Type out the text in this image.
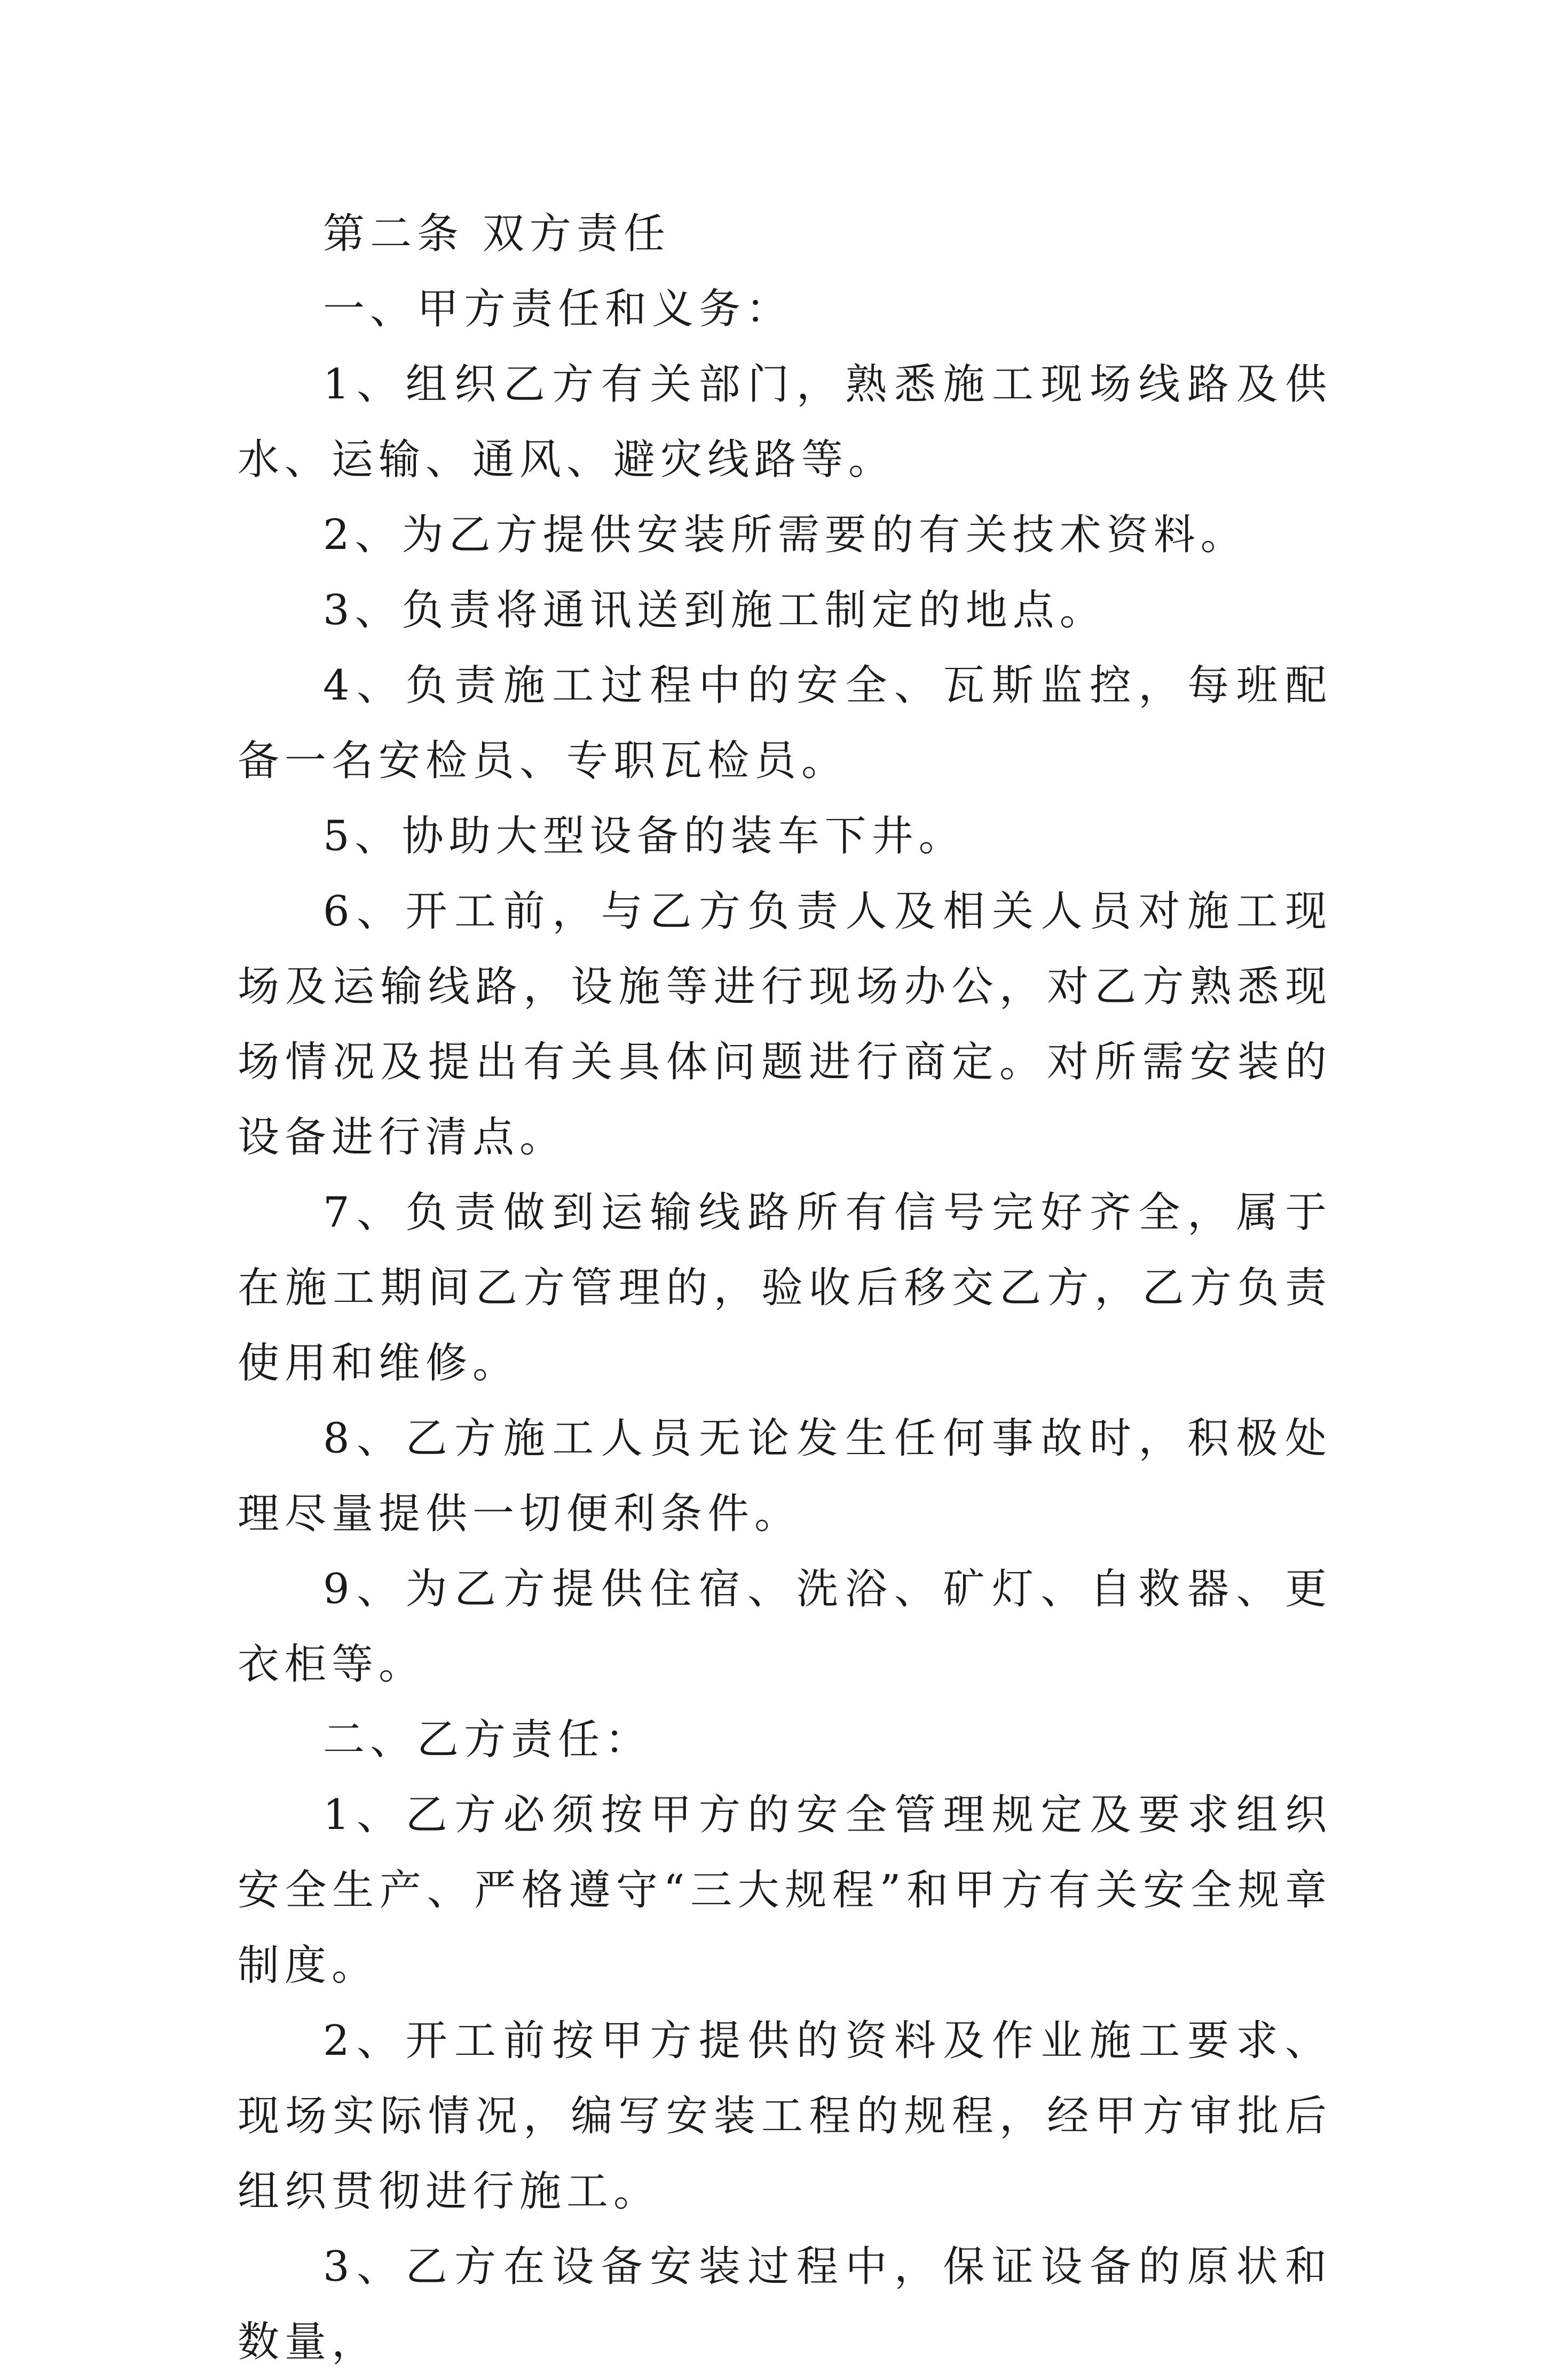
第二条 双方责任

一、甲方责任和义务：

1、组织乙方有关部门，熟悉施工现场线路及供水、运输、通风、避灾线路等。

2、为乙方提供安装所需要的有关技术资料。

3、负责将通讯送到施工制定的地点。

4、负责施工过程中的安全、瓦斯监控，每班配备一名安检员、专职瓦检员。

5、协助大型设备的装车下井。

6、开工前，与乙方负责人及相关人员对施工现场及运输线路，设施等进行现场办公，对乙方熟悉现场情况及提出有关具体问题进行商定。对所需安装的设备进行清点。

7、负责做到运输线路所有信号完好齐全，属于在施工期间乙方管理的，验收后移交乙方，乙方负责使用和维修。

8、乙方施工人员无论发生任何事故时，积极处理尽量提供一切便利条件。

9、为乙方提供住宿、洗浴、矿灯、自救器、更衣柜等。

二、乙方责任：

1、乙方必须按甲方的安全管理规定及要求组织安全生产、严格遵守“三大规程”和甲方有关安全规章制度。

2、开工前按甲方提供的资料及作业施工要求、现场实际情况，编写安装工程的规程，经甲方审批后组织贯彻进行施工。

3、乙方在设备安装过程中，保证设备的原状和数量，
